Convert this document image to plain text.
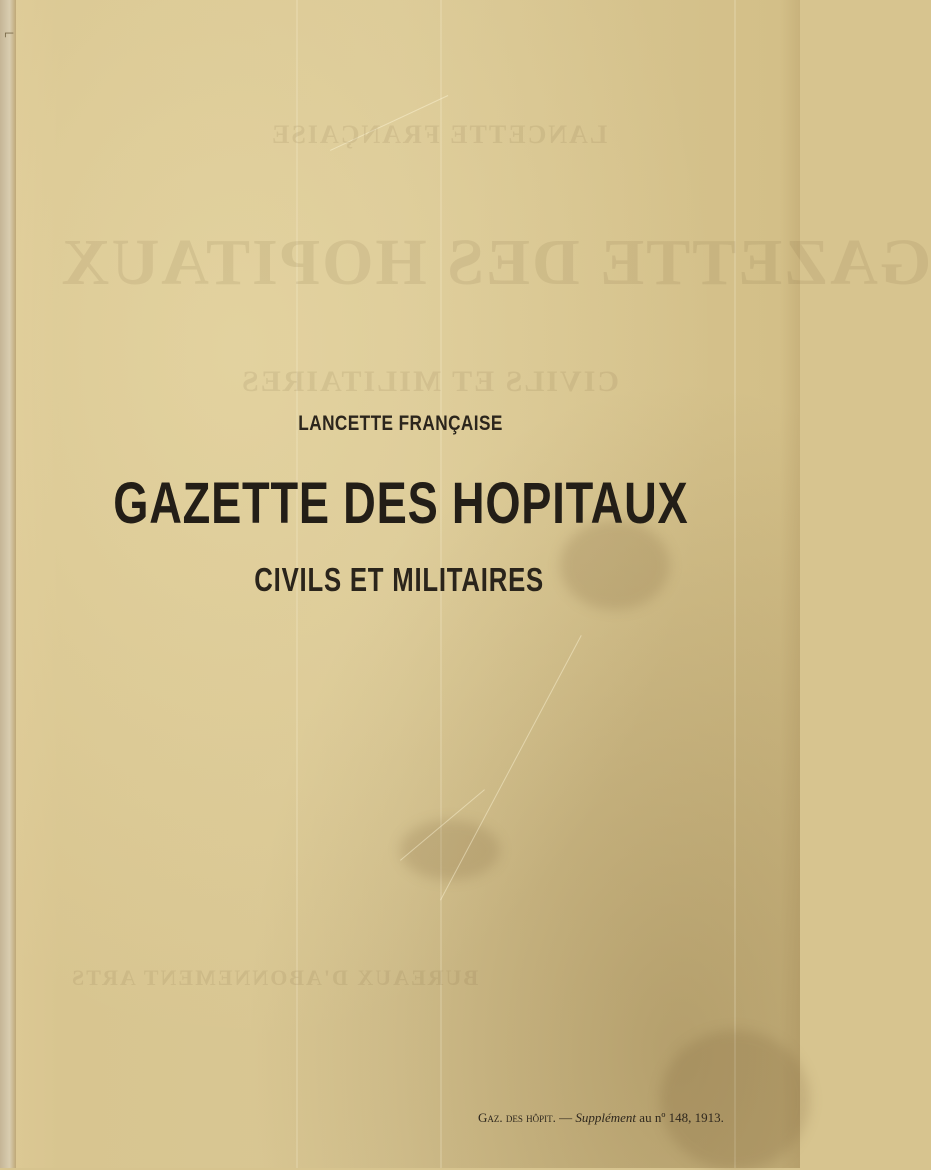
GAZETTE DES HOPITAUX
LANCETTE FRANÇAISE
CIVILS ET MILITAIRES
BUREAUX D'ABONNEMENT ARTS
⌐
LANCETTE FRANÇAISE
GAZETTE DES HOPITAUX
CIVILS ET MILITAIRES
Gaz. des hôpit. — Supplément au nº 148, 1913.
